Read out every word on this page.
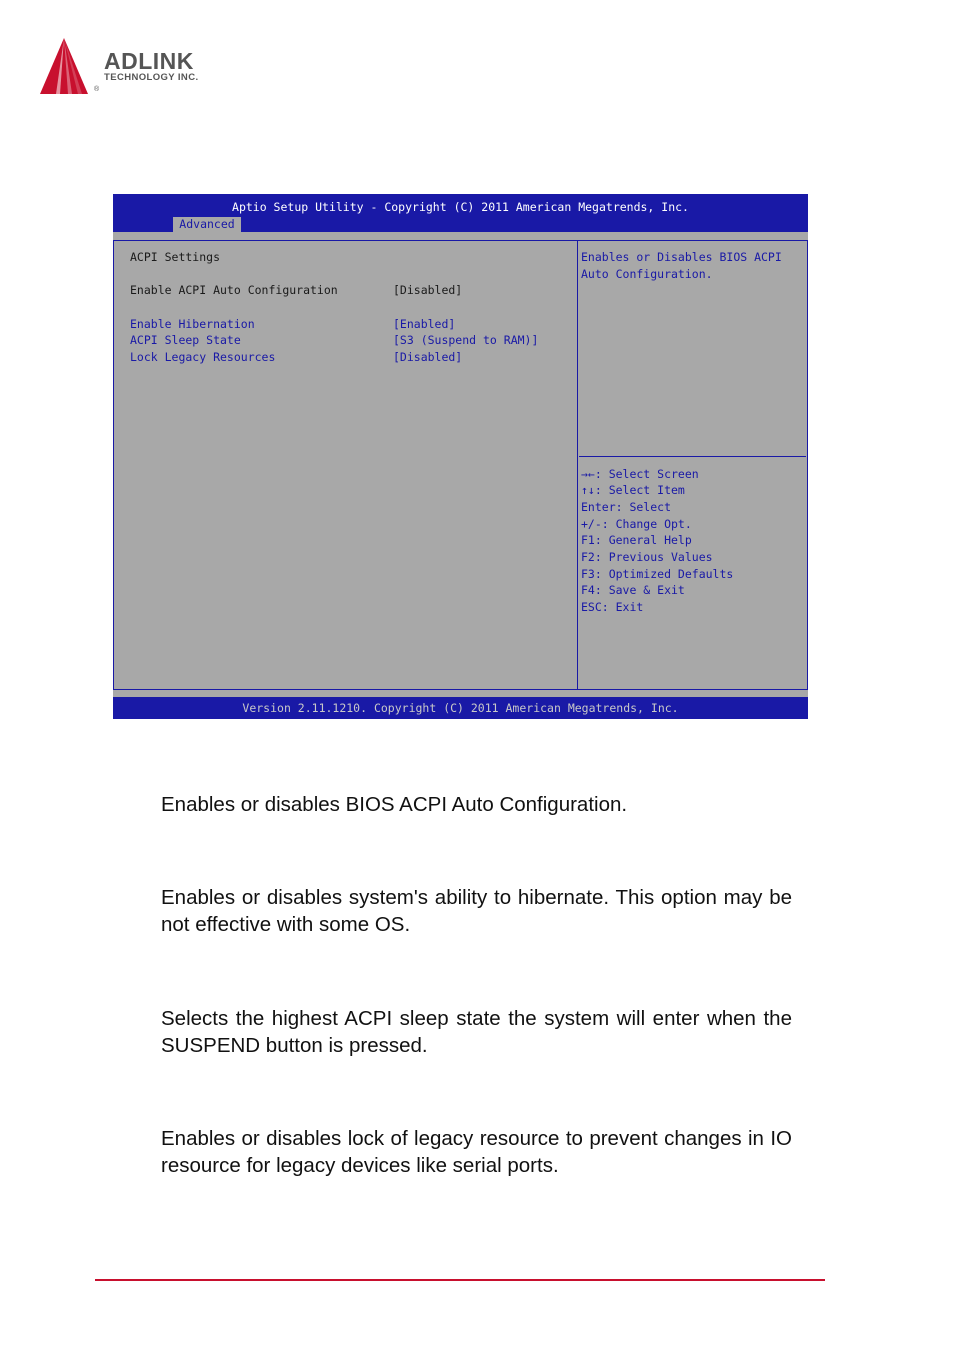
ADLINK
TECHNOLOGY INC.
®
Aptio Setup Utility - Copyright (C) 2011 American Megatrends, Inc.
Advanced
ACPI Settings
Enable ACPI Auto Configuration	[Disabled]
Enable Hibernation	[Enabled]
ACPI Sleep State	[S3 (Suspend to RAM)]
Lock Legacy Resources	[Disabled]
Enables or Disables BIOS ACPI
Auto Configuration.
→←: Select Screen
↑↓: Select Item
Enter: Select
+/-: Change Opt.
F1: General Help
F2: Previous Values
F3: Optimized Defaults
F4: Save & Exit
ESC: Exit
Version 2.11.1210. Copyright (C) 2011 American Megatrends, Inc.

Enables or disables BIOS ACPI Auto Configuration.

Enables or disables system's ability to hibernate. This option may be not effective with some OS.

Selects the highest ACPI sleep state the system will enter when the SUSPEND button is pressed.

Enables or disables lock of legacy resource to prevent changes in IO resource for legacy devices like serial ports.
